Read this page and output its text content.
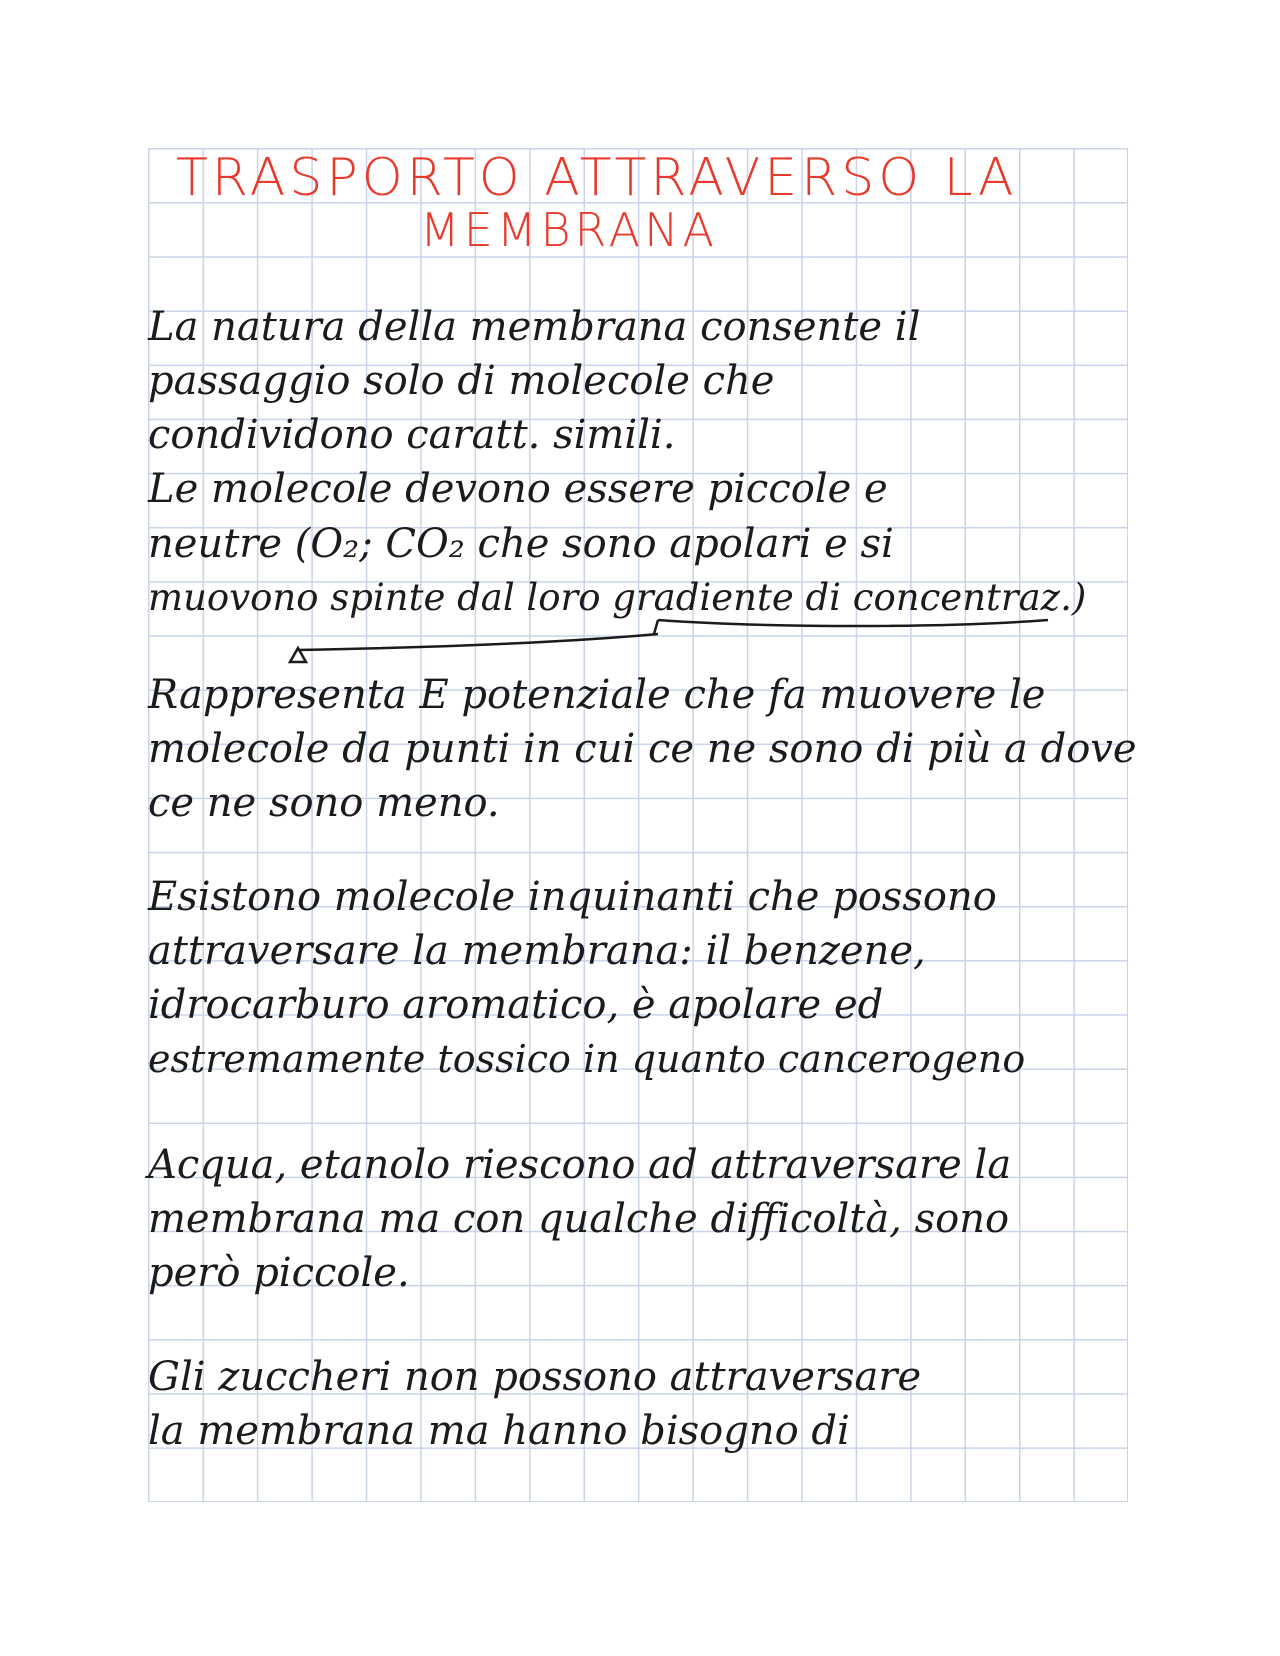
TRASPORTO ATTRAVERSO LA
MEMBRANA
La natura della membrana consente il
passaggio solo di molecole che
condividono caratt. simili.
Le molecole devono essere piccole e
neutre (O₂; CO₂ che sono apolari e si
muovono spinte dal loro gradiente di concentraz.)
Rappresenta E potenziale che fa muovere le
molecole da punti in cui ce ne sono di più a dove
ce ne sono meno.
Esistono molecole inquinanti che possono
attraversare la membrana: il benzene,
idrocarburo aromatico, è apolare ed
estremamente tossico in quanto cancerogeno
Acqua, etanolo riescono ad attraversare la
membrana ma con qualche difficoltà, sono
però piccole.
Gli zuccheri non possono attraversare
la membrana ma hanno bisogno di
